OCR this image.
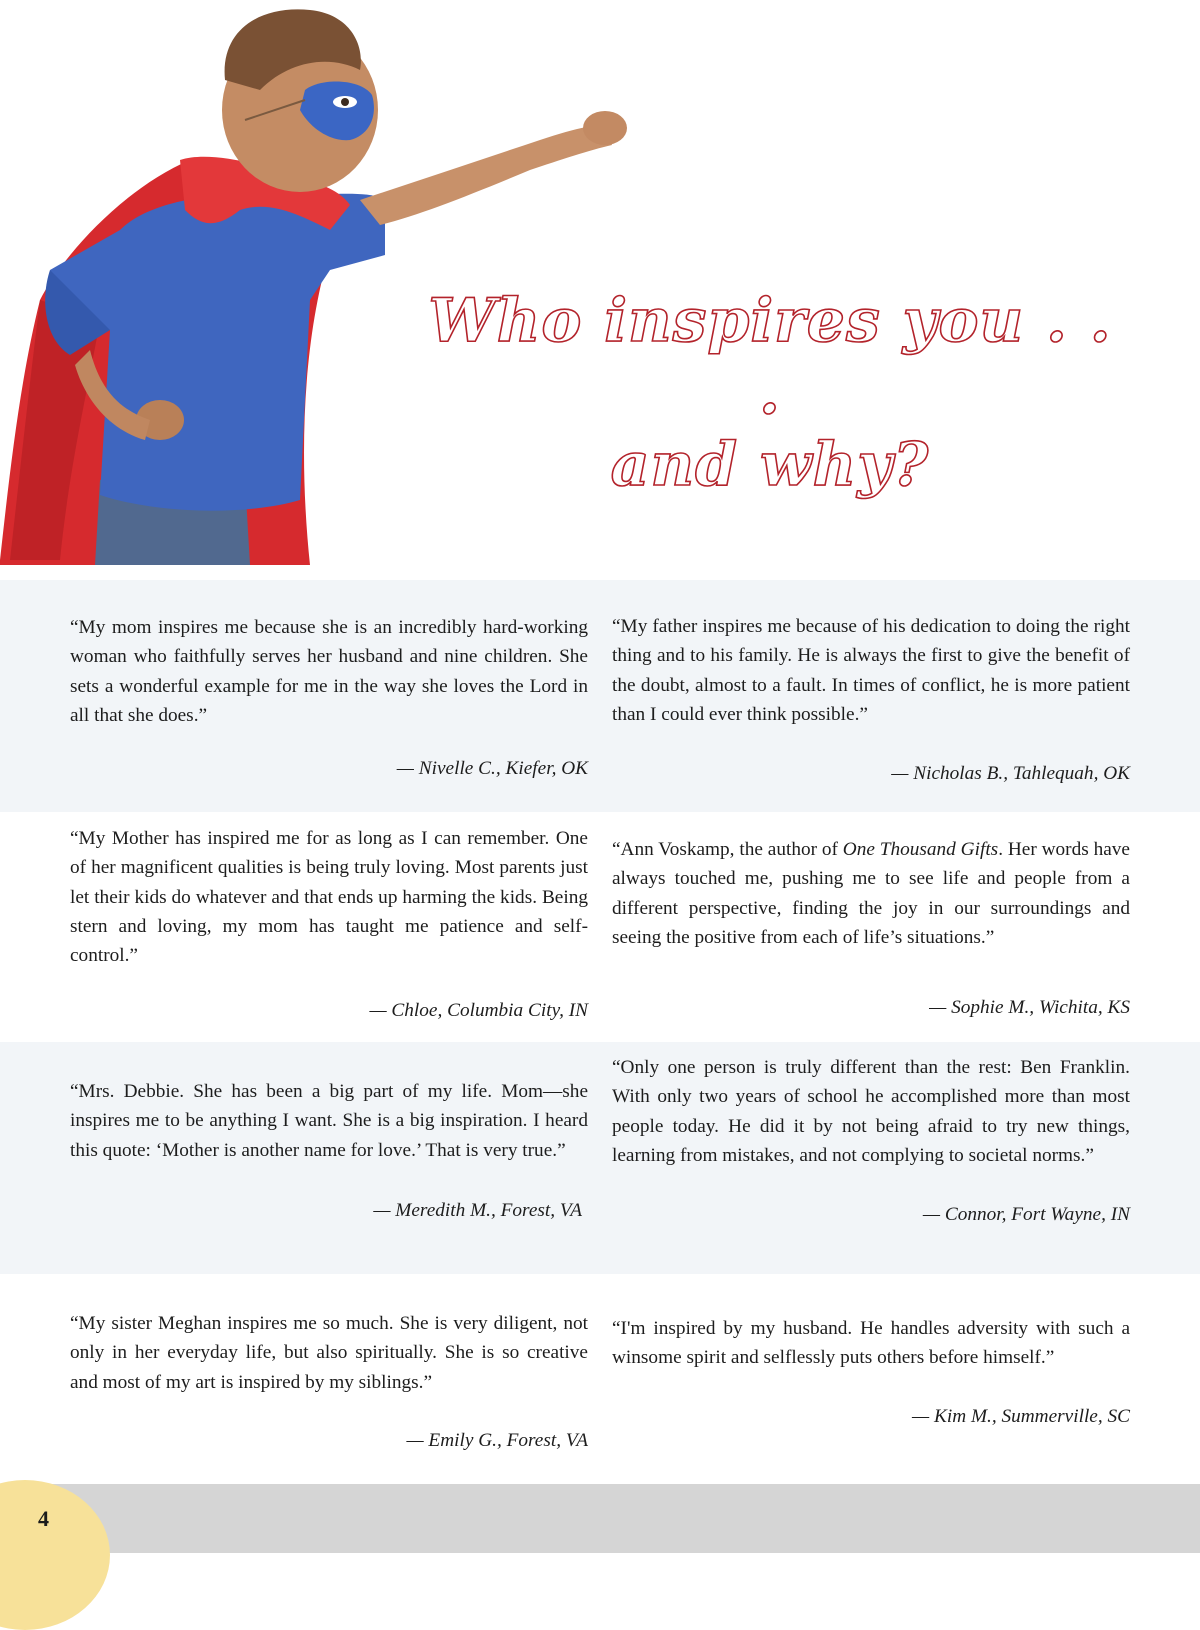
Who inspires you . . .
and why?

“My mom inspires me because she is an incredibly hard-working woman who faithfully serves her husband and nine children. She sets a wonderful example for me in the way she loves the Lord in all that she does.”

— Nivelle C., Kiefer, OK

“My father inspires me because of his dedication to doing the right thing and to his family. He is always the first to give the benefit of the doubt, almost to a fault. In times of conflict, he is more patient than I could ever think possible.”

— Nicholas B., Tahlequah, OK

“My Mother has inspired me for as long as I can remember. One of her magnificent qualities is being truly loving. Most parents just let their kids do whatever and that ends up harming the kids. Being stern and loving, my mom has taught me patience and self-control.”

— Chloe, Columbia City, IN

“Ann Voskamp, the author of One Thousand Gifts. Her words have always touched me, pushing me to see life and people from a different perspective, finding the joy in our surroundings and seeing the positive from each of life’s situations.”

— Sophie M., Wichita, KS

“Mrs. Debbie. She has been a big part of my life. Mom—she inspires me to be anything I want. She is a big inspiration. I heard this quote: ‘Mother is another name for love.’ That is very true.”

— Meredith M., Forest, VA

“Only one person is truly different than the rest: Ben Franklin. With only two years of school he accomplished more than most people today. He did it by not being afraid to try new things, learning from mistakes, and not complying to societal norms.”

— Connor, Fort Wayne, IN

“My sister Meghan inspires me so much. She is very diligent, not only in her everyday life, but also spiritually. She is so creative and most of my art is inspired by my siblings.”

— Emily G., Forest, VA

“I'm inspired by my husband. He handles adversity with such a winsome spirit and selflessly puts others before himself.”

— Kim M., Summerville, SC
4
